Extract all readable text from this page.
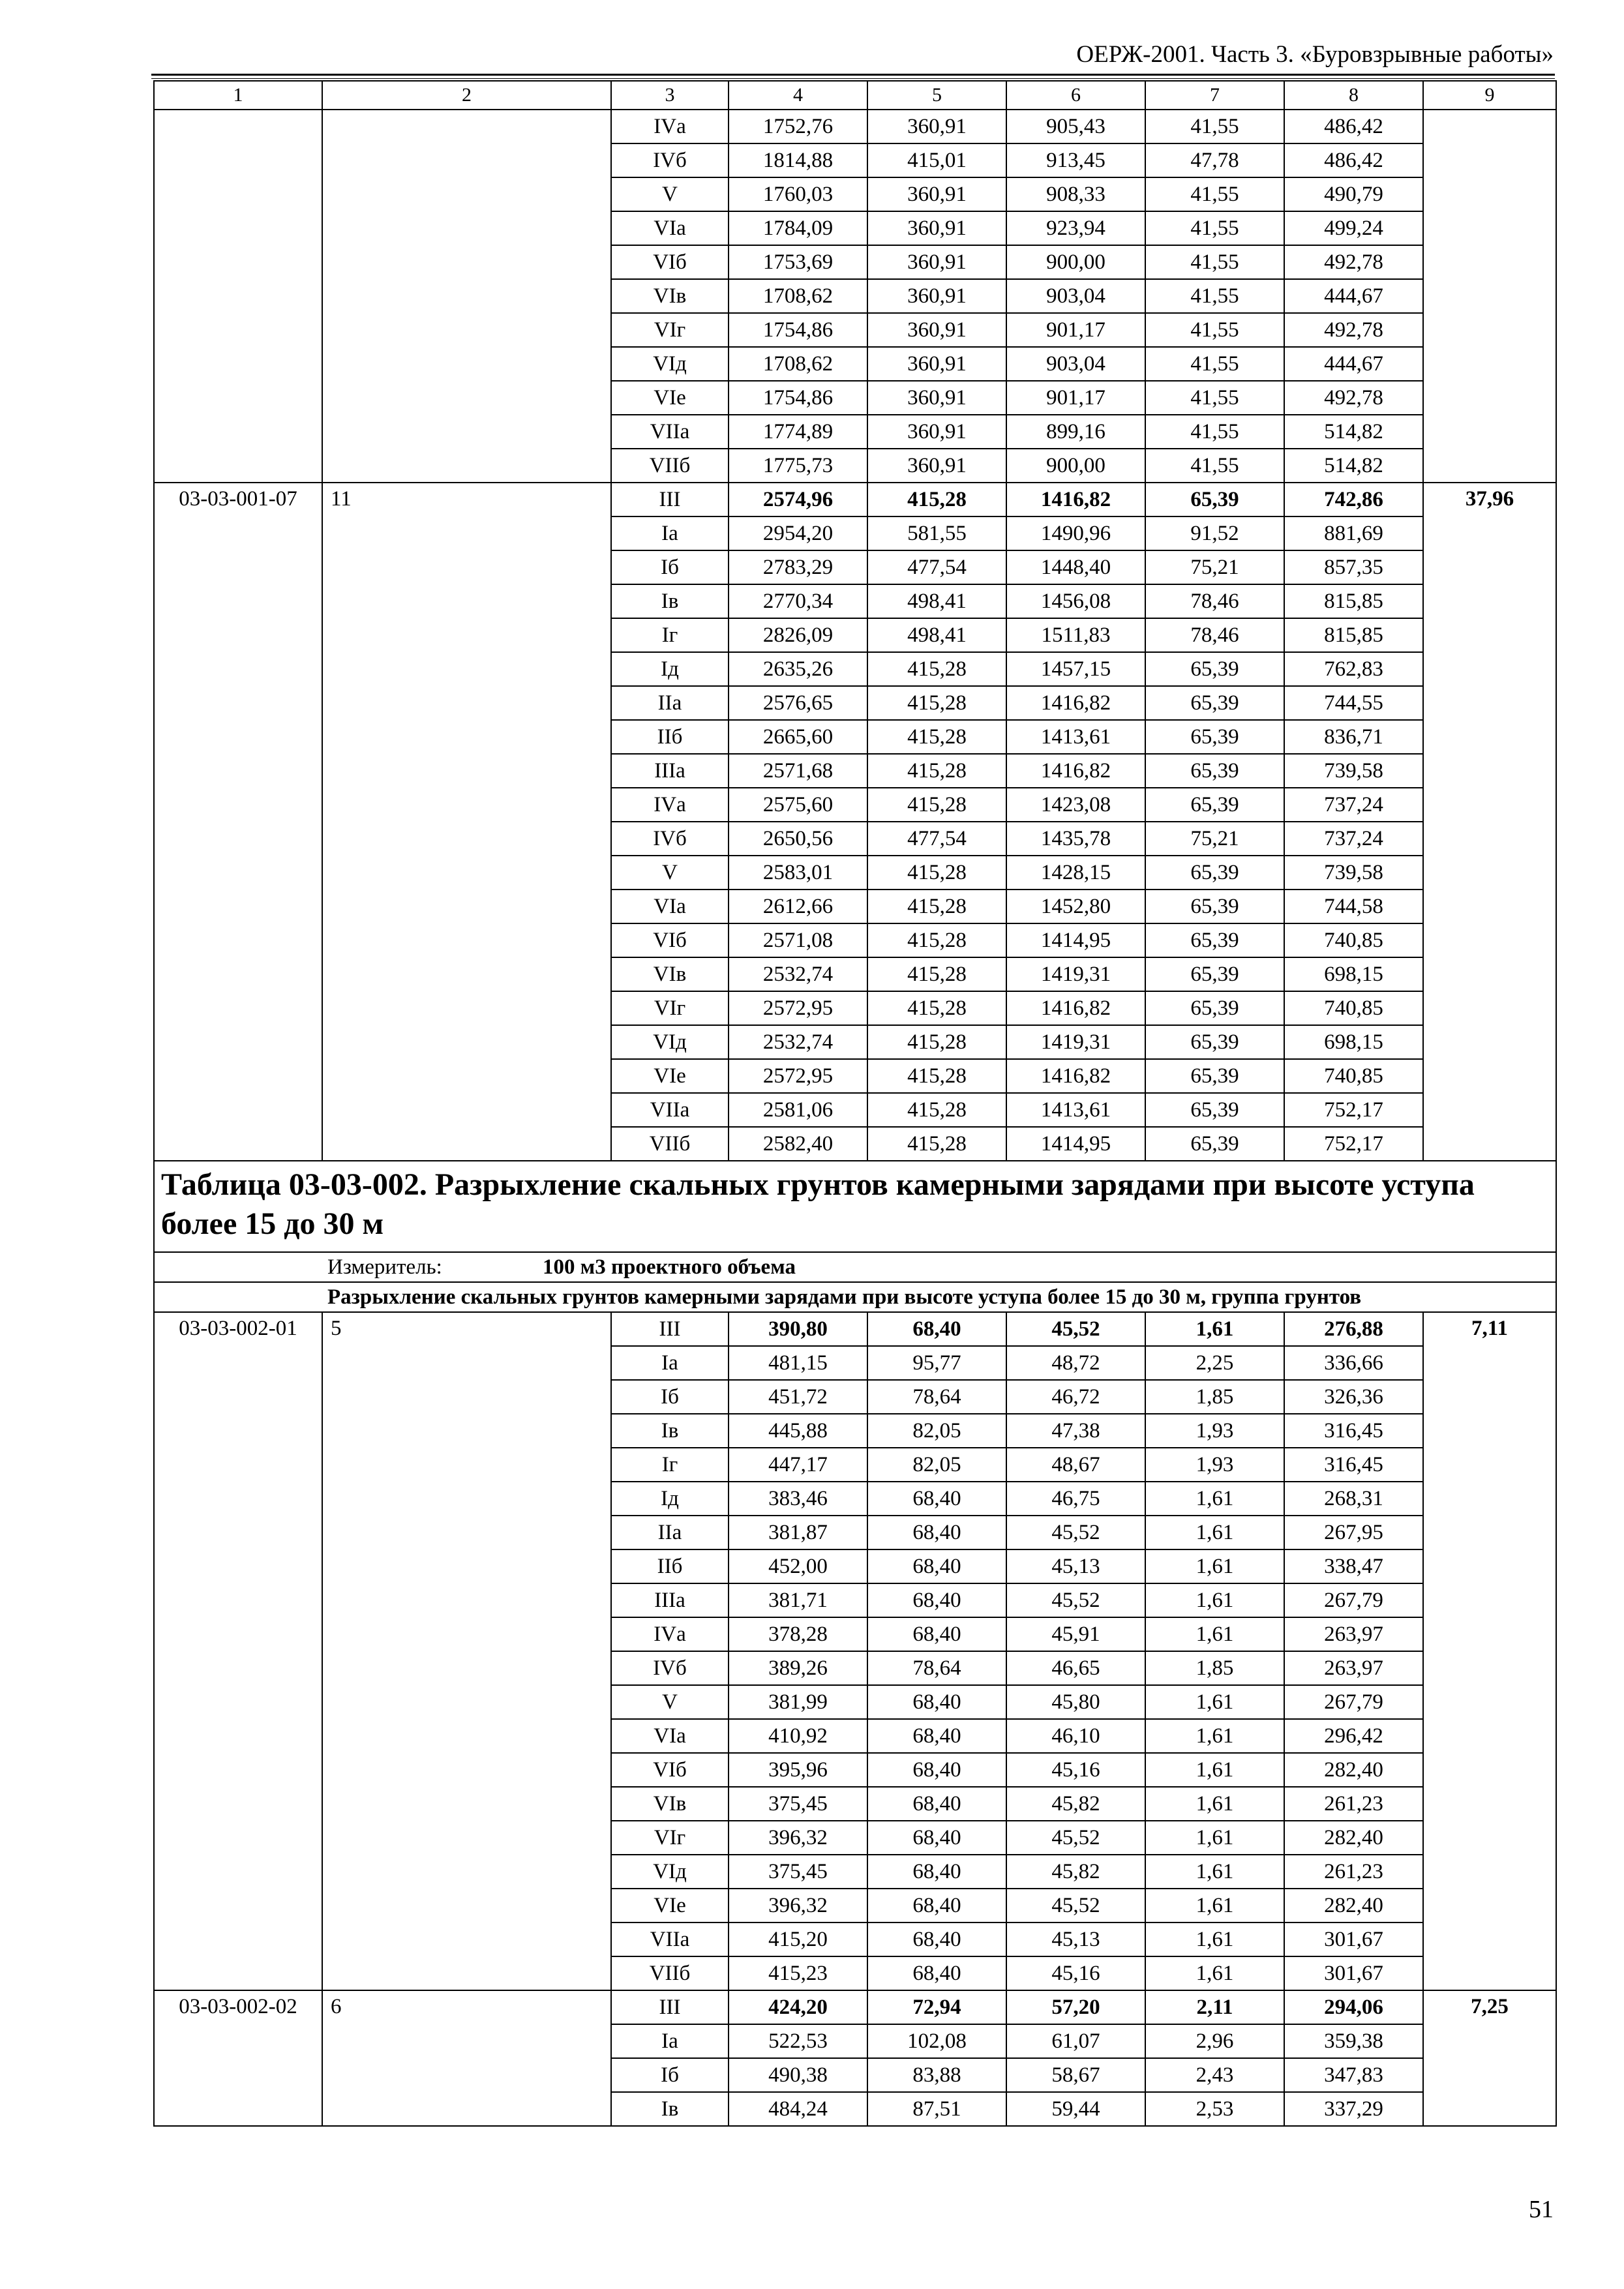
ОЕРЖ-2001. Часть 3. «Буровзрывные работы»
1	2	3	4	5	6	7	8	9
		IVа	1752,76	360,91	905,43	41,55	486,42	
		IVб	1814,88	415,01	913,45	47,78	486,42	
		V	1760,03	360,91	908,33	41,55	490,79	
		VIа	1784,09	360,91	923,94	41,55	499,24	
		VIб	1753,69	360,91	900,00	41,55	492,78	
		VIв	1708,62	360,91	903,04	41,55	444,67	
		VIг	1754,86	360,91	901,17	41,55	492,78	
		VIд	1708,62	360,91	903,04	41,55	444,67	
		VIе	1754,86	360,91	901,17	41,55	492,78	
		VIIа	1774,89	360,91	899,16	41,55	514,82	
		VIIб	1775,73	360,91	900,00	41,55	514,82	
03-03-001-07	11	III	2574,96	415,28	1416,82	65,39	742,86	37,96
		Iа	2954,20	581,55	1490,96	91,52	881,69	
		Iб	2783,29	477,54	1448,40	75,21	857,35	
		Iв	2770,34	498,41	1456,08	78,46	815,85	
		Iг	2826,09	498,41	1511,83	78,46	815,85	
		Iд	2635,26	415,28	1457,15	65,39	762,83	
		IIа	2576,65	415,28	1416,82	65,39	744,55	
		IIб	2665,60	415,28	1413,61	65,39	836,71	
		IIIа	2571,68	415,28	1416,82	65,39	739,58	
		IVа	2575,60	415,28	1423,08	65,39	737,24	
		IVб	2650,56	477,54	1435,78	75,21	737,24	
		V	2583,01	415,28	1428,15	65,39	739,58	
		VIа	2612,66	415,28	1452,80	65,39	744,58	
		VIб	2571,08	415,28	1414,95	65,39	740,85	
		VIв	2532,74	415,28	1419,31	65,39	698,15	
		VIг	2572,95	415,28	1416,82	65,39	740,85	
		VIд	2532,74	415,28	1419,31	65,39	698,15	
		VIе	2572,95	415,28	1416,82	65,39	740,85	
		VIIа	2581,06	415,28	1413,61	65,39	752,17	
		VIIб	2582,40	415,28	1414,95	65,39	752,17	
Таблица 03-03-002. Разрыхление скальных грунтов камерными зарядами при высоте уступа более 15 до 30 м								
Измеритель: 100 м3 проектного объема								
Разрыхление скальных грунтов камерными зарядами при высоте уступа более 15 до 30 м, группа грунтов								
03-03-002-01	5	III	390,80	68,40	45,52	1,61	276,88	7,11
		Iа	481,15	95,77	48,72	2,25	336,66	
		Iб	451,72	78,64	46,72	1,85	326,36	
		Iв	445,88	82,05	47,38	1,93	316,45	
		Iг	447,17	82,05	48,67	1,93	316,45	
		Iд	383,46	68,40	46,75	1,61	268,31	
		IIа	381,87	68,40	45,52	1,61	267,95	
		IIб	452,00	68,40	45,13	1,61	338,47	
		IIIа	381,71	68,40	45,52	1,61	267,79	
		IVа	378,28	68,40	45,91	1,61	263,97	
		IVб	389,26	78,64	46,65	1,85	263,97	
		V	381,99	68,40	45,80	1,61	267,79	
		VIа	410,92	68,40	46,10	1,61	296,42	
		VIб	395,96	68,40	45,16	1,61	282,40	
		VIв	375,45	68,40	45,82	1,61	261,23	
		VIг	396,32	68,40	45,52	1,61	282,40	
		VIд	375,45	68,40	45,82	1,61	261,23	
		VIе	396,32	68,40	45,52	1,61	282,40	
		VIIа	415,20	68,40	45,13	1,61	301,67	
		VIIб	415,23	68,40	45,16	1,61	301,67	
03-03-002-02	6	III	424,20	72,94	57,20	2,11	294,06	7,25
		Iа	522,53	102,08	61,07	2,96	359,38	
		Iб	490,38	83,88	58,67	2,43	347,83	
		Iв	484,24	87,51	59,44	2,53	337,29	
51
